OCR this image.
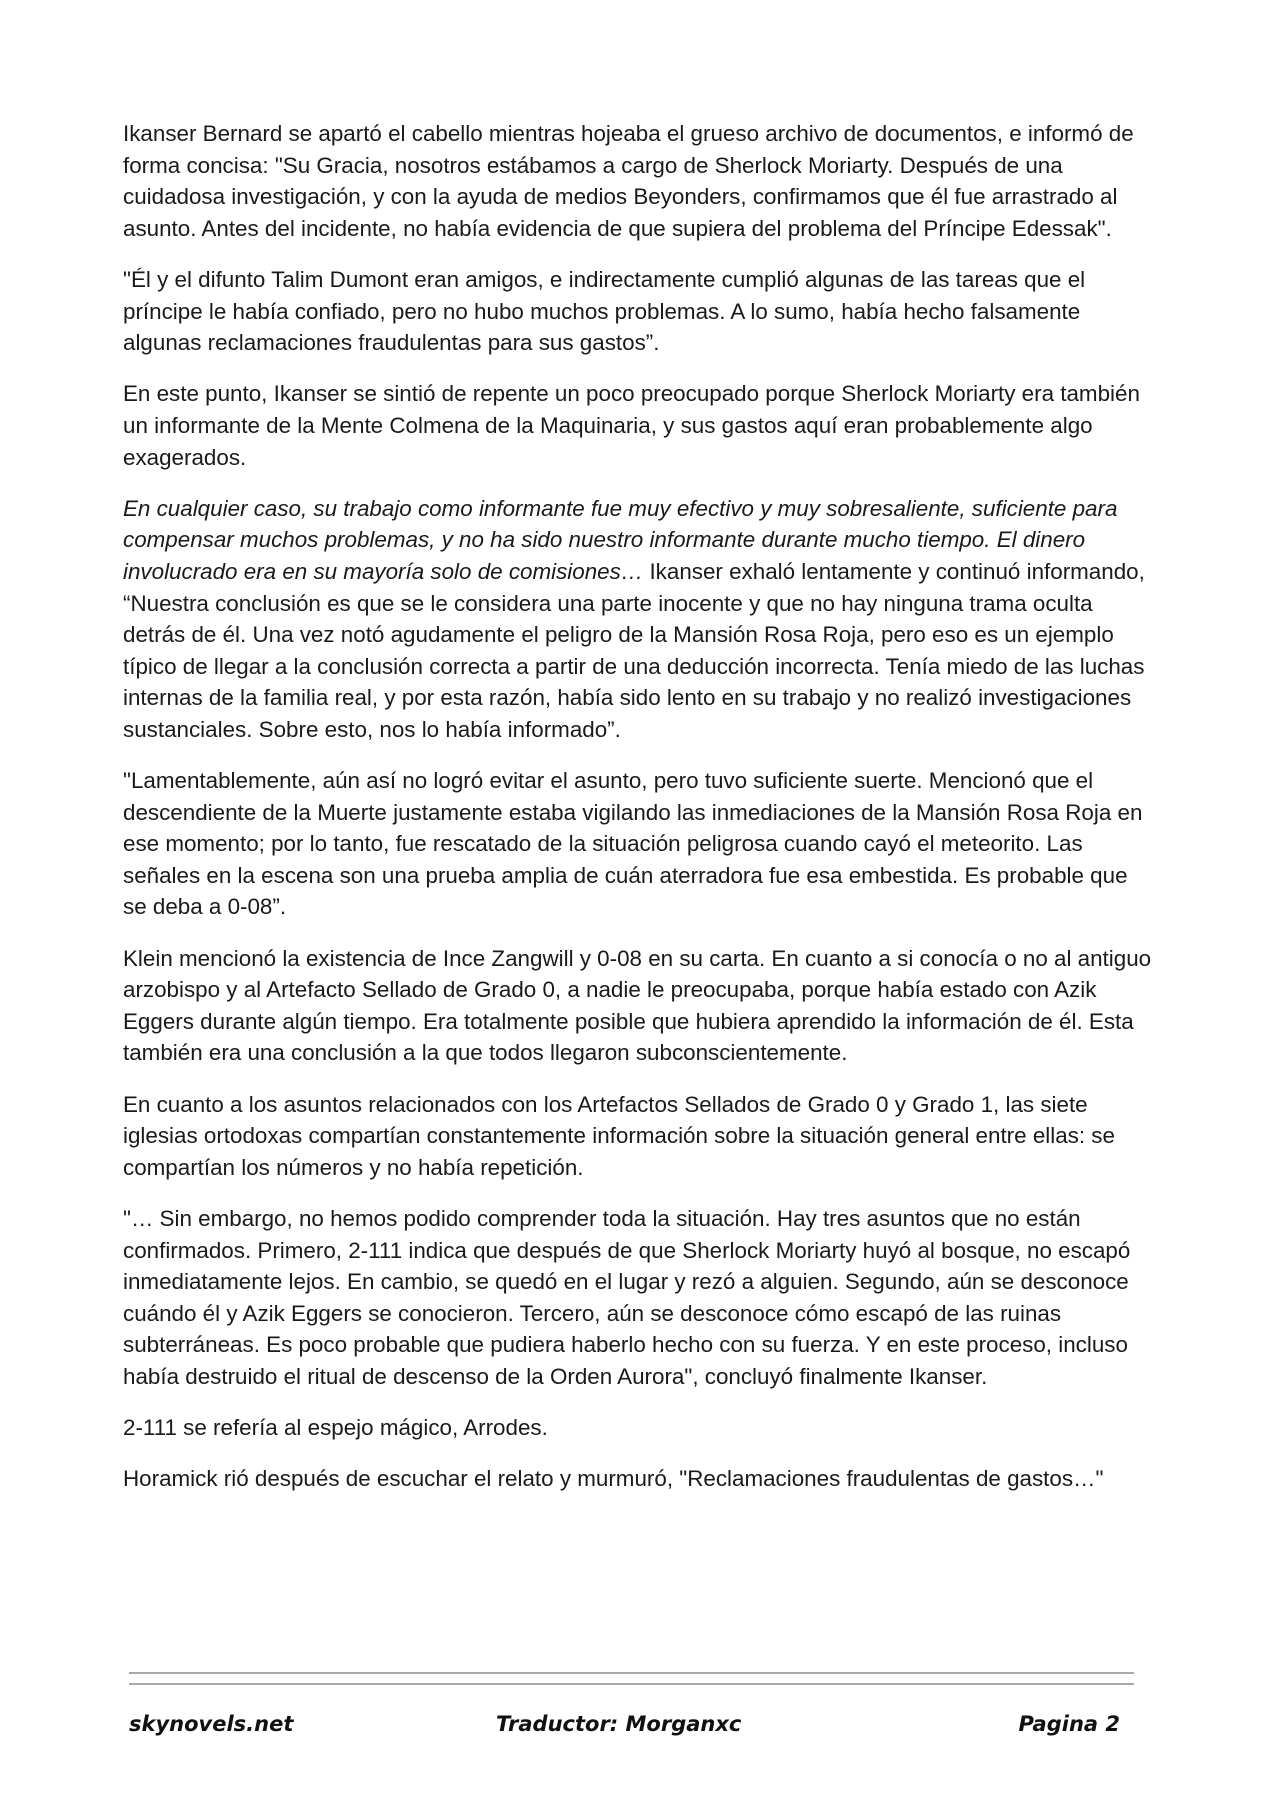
Ikanser Bernard se apartó el cabello mientras hojeaba el grueso archivo de documentos, e informó de forma concisa: "Su Gracia, nosotros estábamos a cargo de Sherlock Moriarty. Después de una cuidadosa investigación, y con la ayuda de medios Beyonders, confirmamos que él fue arrastrado al asunto. Antes del incidente, no había evidencia de que supiera del problema del Príncipe Edessak".

"Él y el difunto Talim Dumont eran amigos, e indirectamente cumplió algunas de las tareas que el príncipe le había confiado, pero no hubo muchos problemas. A lo sumo, había hecho falsamente algunas reclamaciones fraudulentas para sus gastos”.

En este punto, Ikanser se sintió de repente un poco preocupado porque Sherlock Moriarty era también un informante de la Mente Colmena de la Maquinaria, y sus gastos aquí eran probablemente algo exagerados.

En cualquier caso, su trabajo como informante fue muy efectivo y muy sobresaliente, suficiente para compensar muchos problemas, y no ha sido nuestro informante durante mucho tiempo. El dinero involucrado era en su mayoría solo de comisiones… Ikanser exhaló lentamente y continuó informando, “Nuestra conclusión es que se le considera una parte inocente y que no hay ninguna trama oculta detrás de él. Una vez notó agudamente el peligro de la Mansión Rosa Roja, pero eso es un ejemplo típico de llegar a la conclusión correcta a partir de una deducción incorrecta. Tenía miedo de las luchas internas de la familia real, y por esta razón, había sido lento en su trabajo y no realizó investigaciones sustanciales. Sobre esto, nos lo había informado”.

"Lamentablemente, aún así no logró evitar el asunto, pero tuvo suficiente suerte. Mencionó que el descendiente de la Muerte justamente estaba vigilando las inmediaciones de la Mansión Rosa Roja en ese momento; por lo tanto, fue rescatado de la situación peligrosa cuando cayó el meteorito. Las señales en la escena son una prueba amplia de cuán aterradora fue esa embestida. Es probable que se deba a 0-08”.

Klein mencionó la existencia de Ince Zangwill y 0-08 en su carta. En cuanto a si conocía o no al antiguo arzobispo y al Artefacto Sellado de Grado 0, a nadie le preocupaba, porque había estado con Azik Eggers durante algún tiempo. Era totalmente posible que hubiera aprendido la información de él. Esta también era una conclusión a la que todos llegaron subconscientemente.

En cuanto a los asuntos relacionados con los Artefactos Sellados de Grado 0 y Grado 1, las siete iglesias ortodoxas compartían constantemente información sobre la situación general entre ellas: se compartían los números y no había repetición.

"… Sin embargo, no hemos podido comprender toda la situación. Hay tres asuntos que no están confirmados. Primero, 2-111 indica que después de que Sherlock Moriarty huyó al bosque, no escapó inmediatamente lejos. En cambio, se quedó en el lugar y rezó a alguien. Segundo, aún se desconoce cuándo él y Azik Eggers se conocieron. Tercero, aún se desconoce cómo escapó de las ruinas subterráneas. Es poco probable que pudiera haberlo hecho con su fuerza. Y en este proceso, incluso había destruido el ritual de descenso de la Orden Aurora", concluyó finalmente Ikanser.

2-111 se refería al espejo mágico, Arrodes.

Horamick rió después de escuchar el relato y murmuró, "Reclamaciones fraudulentas de gastos…"

skynovels.net	Traductor: Morganxc	Pagina 2
